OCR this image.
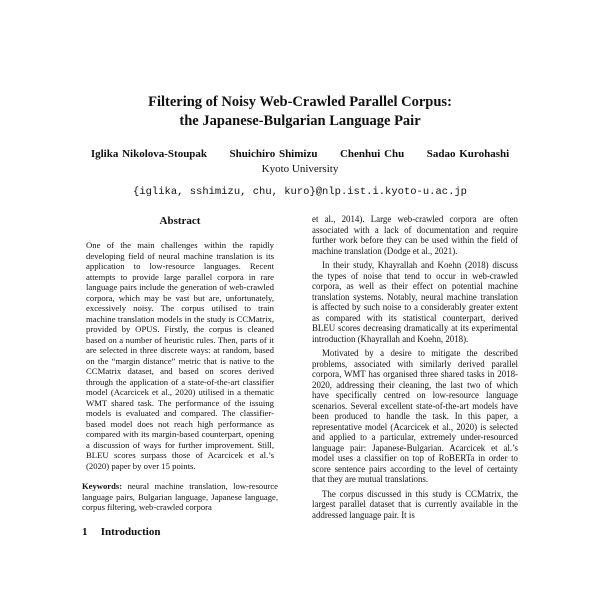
Filtering of Noisy Web-Crawled Parallel Corpus:
the Japanese-Bulgarian Language Pair
Iglika Nikolova-Stoupak Shuichiro Shimizu Chenhui Chu Sadao Kurohashi
Kyoto University
{iglika, sshimizu, chu, kuro}@nlp.ist.i.kyoto-u.ac.jp
Abstract

One of the main challenges within the rapidly developing field of neural machine translation is its application to low-resource languages. Recent attempts to provide large parallel corpora in rare language pairs include the generation of web-crawled corpora, which may be vast but are, unfortunately, excessively noisy. The corpus utilised to train machine translation models in the study is CCMatrix, provided by OPUS. Firstly, the corpus is cleaned based on a number of heuristic rules. Then, parts of it are selected in three discrete ways: at random, based on the “margin distance” metric that is native to the CCMatrix dataset, and based on scores derived through the application of a state-of-the-art classifier model (Acarcicek et al., 2020) utilised in a thematic WMT shared task. The performance of the issuing models is evaluated and compared. The classifier-based model does not reach high performance as compared with its margin-based counterpart, opening a discussion of ways for further improvement. Still, BLEU scores surpass those of Acarcicek et al.’s (2020) paper by over 15 points.

Keywords: neural machine translation, low-resource language pairs, Bulgarian language, Japanese language, corpus filtering, web-crawled corpora

1 Introduction

et al., 2014). Large web-crawled corpora are often associated with a lack of documentation and require further work before they can be used within the field of machine translation (Dodge et al., 2021).

In their study, Khayrallah and Koehn (2018) discuss the types of noise that tend to occur in web-crawled corpora, as well as their effect on potential machine translation systems. Notably, neural machine translation is affected by such noise to a considerably greater extent as compared with its statistical counterpart, derived BLEU scores decreasing dramatically at its experimental introduction (Khayrallah and Koehn, 2018).

Motivated by a desire to mitigate the described problems, associated with similarly derived parallel corpora, WMT has organised three shared tasks in 2018-2020, addressing their cleaning, the last two of which have specifically centred on low-resource language scenarios. Several excellent state-of-the-art models have been produced to handle the task. In this paper, a representative model (Acarcicek et al., 2020) is selected and applied to a particular, extremely under-resourced language pair: Japanese-Bulgarian. Acarcicek et al.’s model uses a classifier on top of RoBERTa in order to score sentence pairs according to the level of certainty that they are mutual translations.

The corpus discussed in this study is CCMatrix, the largest parallel dataset that is currently available in the addressed language pair. It is
